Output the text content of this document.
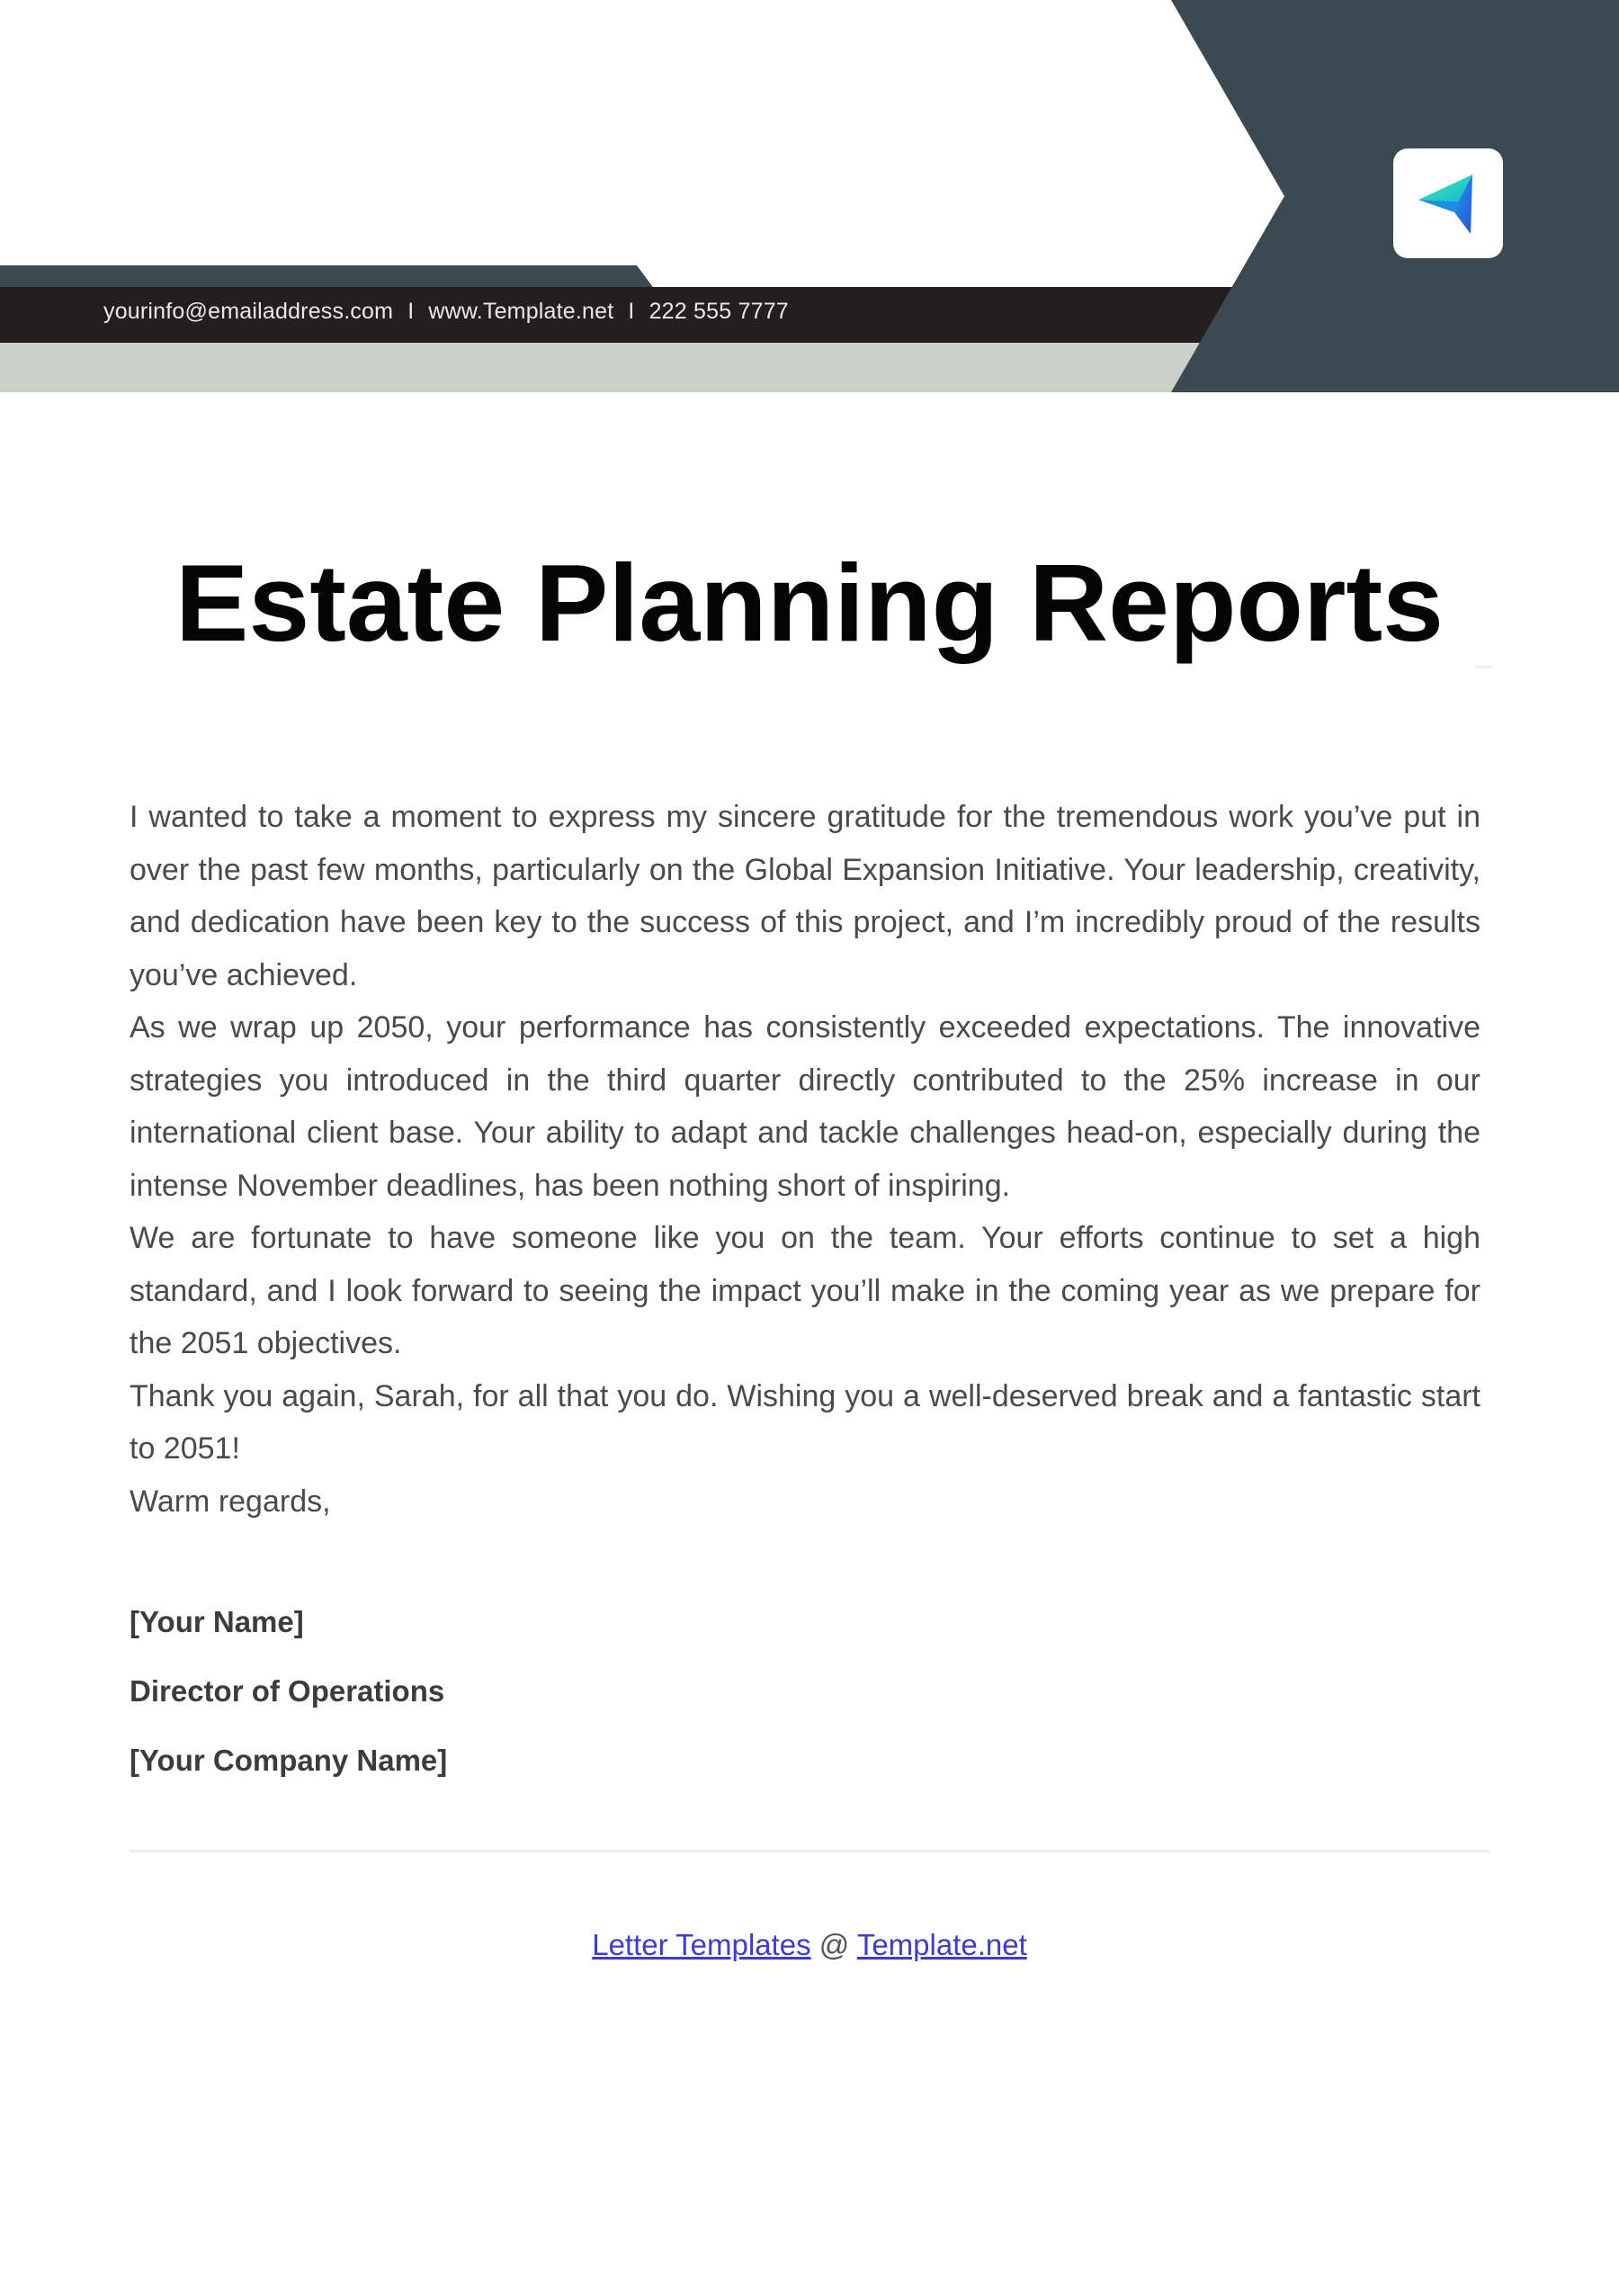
yourinfo@emailaddress.com I www.Template.net I 222 555 7777
Estate Planning Reports

I wanted to take a moment to express my sincere gratitude for the tremendous work you’ve put in over the past few months, particularly on the Global Expansion Initiative. Your leadership, creativity, and dedication have been key to the success of this project, and I’m incredibly proud of the results you’ve achieved.

As we wrap up 2050, your performance has consistently exceeded expectations. The innovative strategies you introduced in the third quarter directly contributed to the 25% increase in our international client base. Your ability to adapt and tackle challenges head-on, especially during the intense November deadlines, has been nothing short of inspiring.

We are fortunate to have someone like you on the team. Your efforts continue to set a high standard, and I look forward to seeing the impact you’ll make in the coming year as we prepare for the 2051 objectives.

Thank you again, Sarah, for all that you do. Wishing you a well-deserved break and a fantastic start to 2051!

Warm regards,

[Your Name]
Director of Operations
[Your Company Name]
Letter Templates @ Template.net
